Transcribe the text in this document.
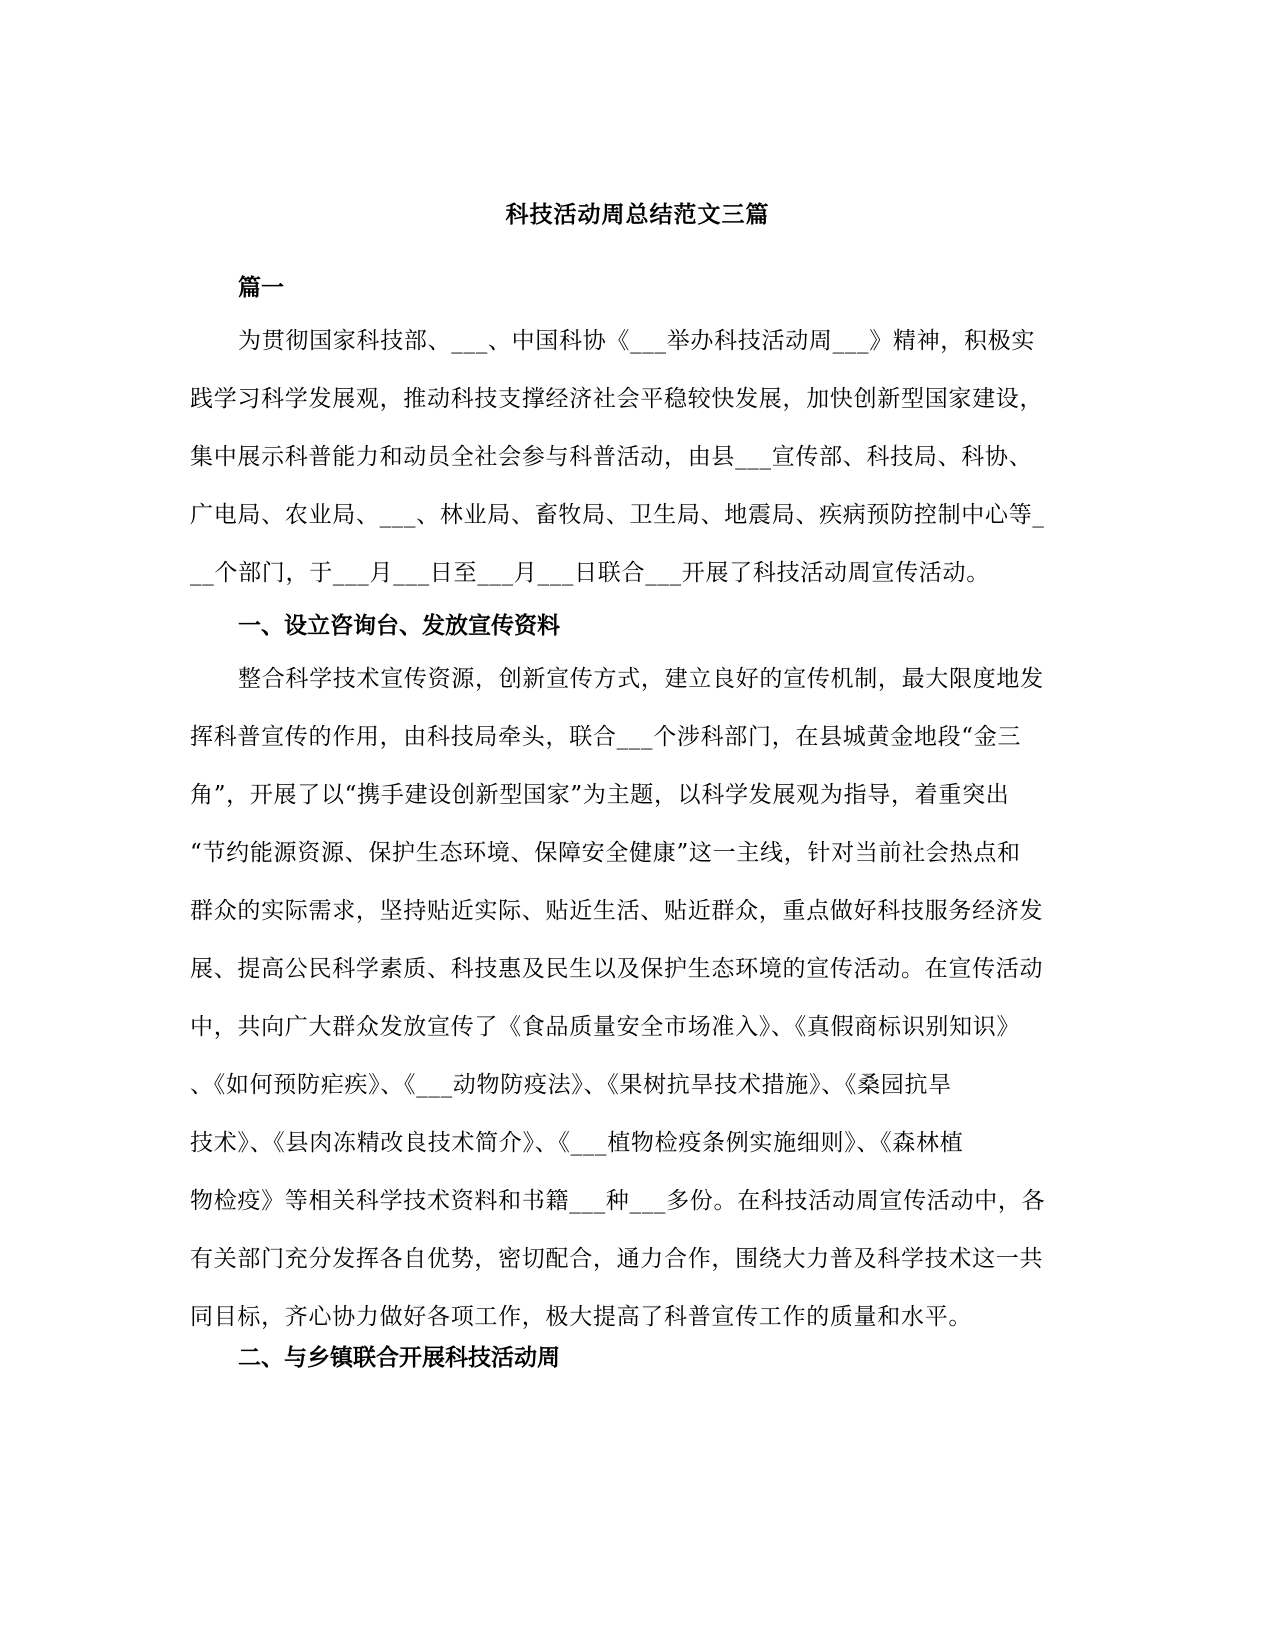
科技活动周总结范文三篇
篇一
为贯彻国家科技部、___、中国科协《___举办科技活动周___》精神，积极实
践学习科学发展观，推动科技支撑经济社会平稳较快发展，加快创新型国家建设，
集中展示科普能力和动员全社会参与科普活动，由县___宣传部、科技局、科协、
广电局、农业局、___、林业局、畜牧局、卫生局、地震局、疾病预防控制中心等_
__个部门，于___月___日至___月___日联合___开展了科技活动周宣传活动。
一、设立咨询台、发放宣传资料
整合科学技术宣传资源，创新宣传方式，建立良好的宣传机制，最大限度地发
挥科普宣传的作用，由科技局牵头，联合___个涉科部门，在县城黄金地段“金三
角”，开展了以“携手建设创新型国家”为主题，以科学发展观为指导，着重突出
“节约能源资源、保护生态环境、保障安全健康”这一主线，针对当前社会热点和
群众的实际需求，坚持贴近实际、贴近生活、贴近群众，重点做好科技服务经济发
展、提高公民科学素质、科技惠及民生以及保护生态环境的宣传活动。在宣传活动
中，共向广大群众发放宣传了《食品质量安全市场准入》、《真假商标识别知识》
、《如何预防疟疾》、《___动物防疫法》、《果树抗旱技术措施》、《桑园抗旱
技术》、《县肉冻精改良技术简介》、《___植物检疫条例实施细则》、《森林植
物检疫》等相关科学技术资料和书籍___种___多份。在科技活动周宣传活动中，各
有关部门充分发挥各自优势，密切配合，通力合作，围绕大力普及科学技术这一共
同目标，齐心协力做好各项工作，极大提高了科普宣传工作的质量和水平。
二、与乡镇联合开展科技活动周
